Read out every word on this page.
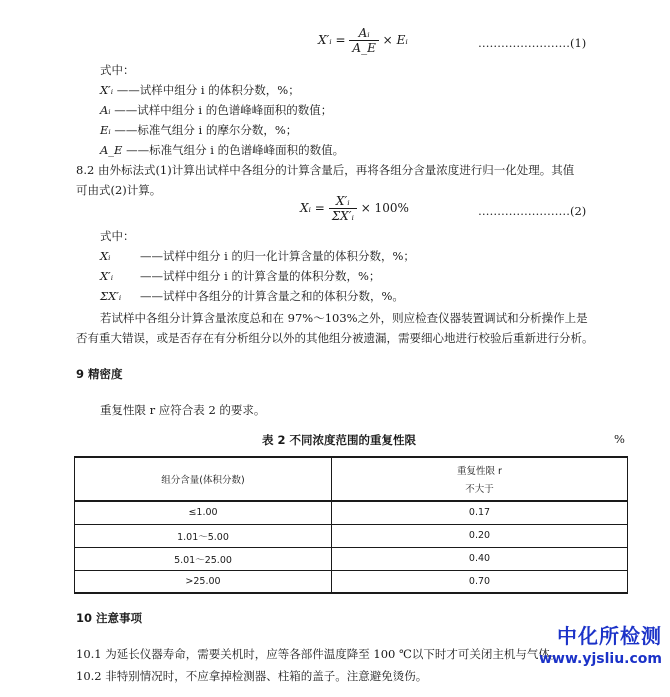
X′ᵢ = $\frac{\text{Aᵢ}}{A\_E}$ × Eᵢ	……………………(1)
式中：
X′ᵢ ——试样中组分 i 的体积分数，%；
Aᵢ ——试样中组分 i 的色谱峰峰面积的数值；
Eᵢ ——标准气组分 i 的摩尔分数，%；
A_E ——标准气组分 i 的色谱峰峰面积的数值。
8.2 由外标法式(1)计算出试样中各组分的计算含量后，再将各组分含量浓度进行归一化处理。其值
可由式(2)计算。
Xᵢ = $\frac{\text{X′ᵢ}}{\text{ΣX′ᵢ}} \times 100\%$	……………………(2)
式中：
Xᵢ	——试样中组分 i 的归一化计算含量的体积分数，%；
X′ᵢ ——试样中组分 i 的计算含量的体积分数，%；
ΣX′ᵢ ——试样中各组分的计算含量之和的体积分数，%。
若试样中各组分计算含量浓度总和在 97%～103%之外，则应检查仪器装置调试和分析操作上是
否有重大错误，或是否存在有分析组分以外的其他组分被遗漏，需要细心地进行校验后重新进行分析。
9 精密度
重复性限 r 应符合表 2 的要求。
表 2 不同浓度范围的重复性限	%
组分含量(体积分数)	重复性限 r
不大于

≤1.00	0.17
1.01～5.00	0.20
5.01～25.00	0.40
>25.00	0.70
10 注意事项
10.1 为延长仪器寿命，需要关机时，应等各部件温度降至 100 ℃以下时才可关闭主机与气体。
10.2 非特别情况时，不应拿掉检测器、柱箱的盖子。注意避免烫伤。
中化所检测
www.yjsliu.com
